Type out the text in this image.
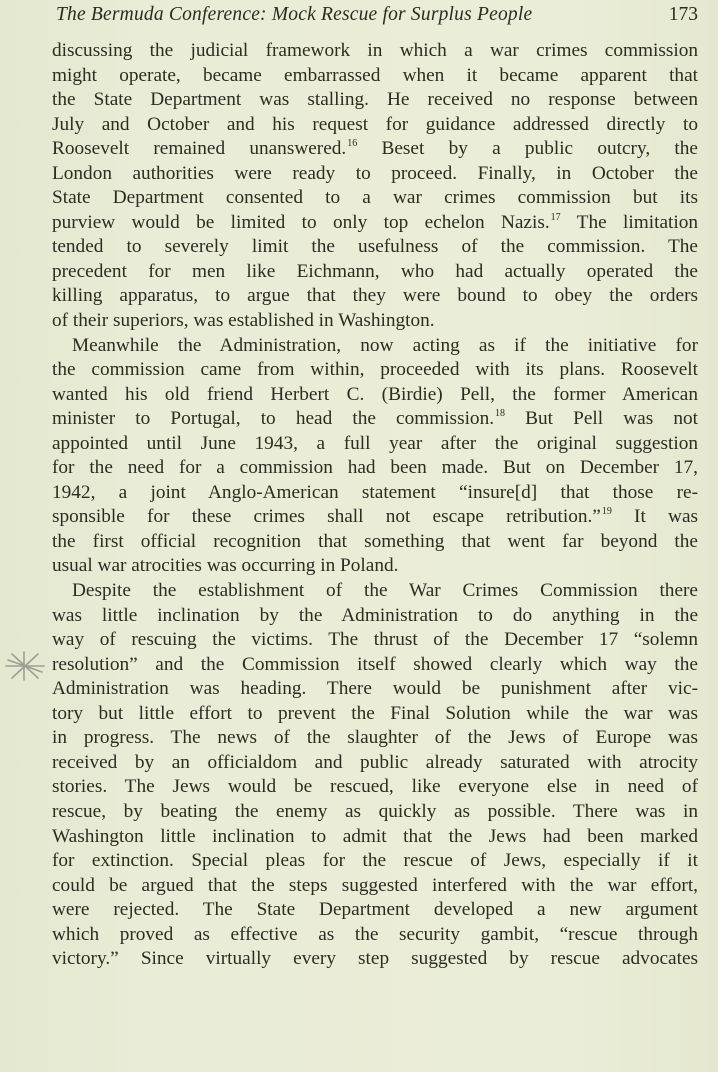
The Bermuda Conference: Mock Rescue for Surplus People	173
discussing the judicial framework in which a war crimes commission
might operate, became embarrassed when it became apparent that
the State Department was stalling. He received no response between
July and October and his request for guidance addressed directly to
Roosevelt remained unanswered.$^{16}$ Beset by a public outcry, the
London authorities were ready to proceed. Finally, in October the
State Department consented to a war crimes commission but its
purview would be limited to only top echelon Nazis.$^{17}$ The limitation
tended to severely limit the usefulness of the commission. The
precedent for men like Eichmann, who had actually operated the
killing apparatus, to argue that they were bound to obey the orders
of their superiors, was established in Washington.
Meanwhile the Administration, now acting as if the initiative for
the commission came from within, proceeded with its plans. Roosevelt
wanted his old friend Herbert C. (Birdie) Pell, the former American
minister to Portugal, to head the commission.$^{18}$ But Pell was not
appointed until June 1943, a full year after the original suggestion
for the need for a commission had been made. But on December 17,
1942, a joint Anglo-American statement “insure[d] that those re-
sponsible for these crimes shall not escape retribution.”$^{19}$ It was
the first official recognition that something that went far beyond the
usual war atrocities was occurring in Poland.
Despite the establishment of the War Crimes Commission there
was little inclination by the Administration to do anything in the
way of rescuing the victims. The thrust of the December 17 “solemn
resolution” and the Commission itself showed clearly which way the
Administration was heading. There would be punishment after vic-
tory but little effort to prevent the Final Solution while the war was
in progress. The news of the slaughter of the Jews of Europe was
received by an officialdom and public already saturated with atrocity
stories. The Jews would be rescued, like everyone else in need of
rescue, by beating the enemy as quickly as possible. There was in
Washington little inclination to admit that the Jews had been marked
for extinction. Special pleas for the rescue of Jews, especially if it
could be argued that the steps suggested interfered with the war effort,
were rejected. The State Department developed a new argument
which proved as effective as the security gambit, “rescue through
victory.” Since virtually every step suggested by rescue advocates
